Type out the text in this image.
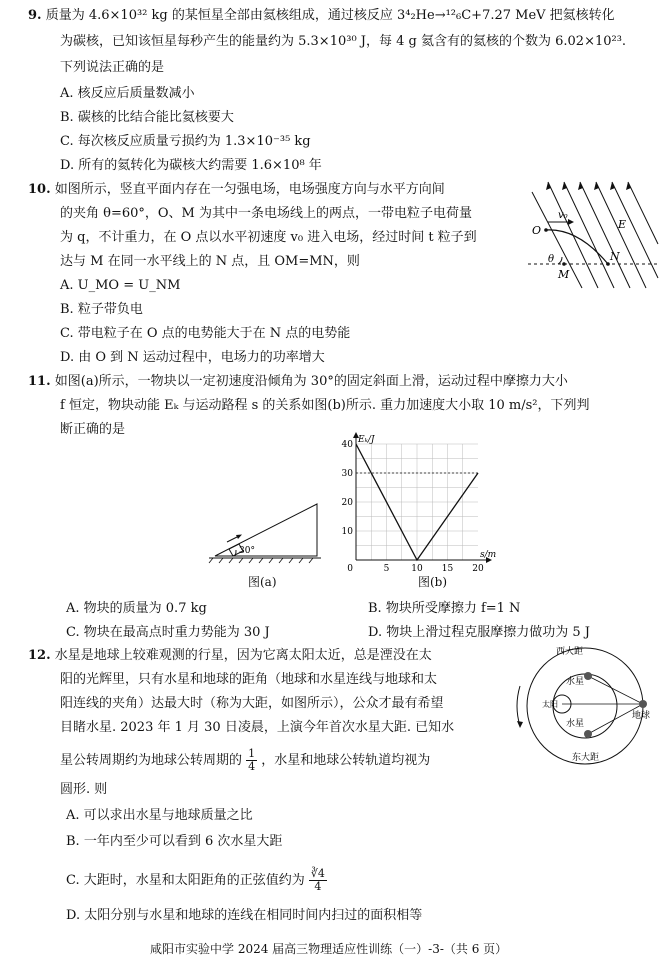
9. 质量为 4.6×10³² kg 的某恒星全部由氦核组成，通过核反应 3⁴₂He→¹²₆C+7.27 MeV 把氦核转化
为碳核，已知该恒星每秒产生的能量约为 5.3×10³⁰ J，每 4 g 氦含有的氦核的个数为 6.02×10²³.
下列说法正确的是
A. 核反应后质量数减小
B. 碳核的比结合能比氦核要大
C. 每次核反应质量亏损约为 1.3×10⁻³⁵ kg
D. 所有的氦转化为碳核大约需要 1.6×10⁸ 年
10. 如图所示，竖直平面内存在一匀强电场，电场强度方向与水平方向间
的夹角 θ=60°，O、M 为其中一条电场线上的两点，一带电粒子电荷量
为 q，不计重力，在 O 点以水平初速度 v₀ 进入电场，经过时间 t 粒子到
达与 M 在同一水平线上的 N 点，且 OM=MN，则
A. U_MO = U_NM
B. 粒子带负电
C. 带电粒子在 O 点的电势能大于在 N 点的电势能
D. 由 O 到 N 运动过程中，电场力的功率增大
O
M
N
E
θ
v₀
11. 如图(a)所示，一物块以一定初速度沿倾角为 30°的固定斜面上滑，运动过程中摩擦力大小
f 恒定，物块动能 Eₖ 与运动路程 s 的关系如图(b)所示. 重力加速度大小取 10 m/s²，下列判
断正确的是
30°
图(a)
5 10 15 20
10
20
30
40
0
Eₖ/J
s/m
图(b)
A. 物块的质量为 0.7 kg	B. 物块所受摩擦力 f=1 N
C. 物块在最高点时重力势能为 30 J	D. 物块上滑过程克服摩擦力做功为 5 J
12. 水星是地球上较难观测的行星，因为它离太阳太近，总是湮没在太
阳的光辉里，只有水星和地球的距角（地球和水星连线与地球和太
阳连线的夹角）达最大时（称为大距，如图所示），公众才最有希望
目睹水星. 2023 年 1 月 30 日凌晨，上演今年首次水星大距. 已知水
星公转周期约为地球公转周期的 $\frac{1}{4}$ ，水星和地球公转轨道均视为
圆形. 则
A. 可以求出水星与地球质量之比
B. 一年内至少可以看到 6 次水星大距
C. 大距时，水星和太阳距角的正弦值约为 $\frac{∛4}{4}$
D. 太阳分别与水星和地球的连线在相同时间内扫过的面积相等
西大距
东大距
太阳
水星
水星
地球
咸阳市实验中学 2024 届高三物理适应性训练（一）-3-（共 6 页）
